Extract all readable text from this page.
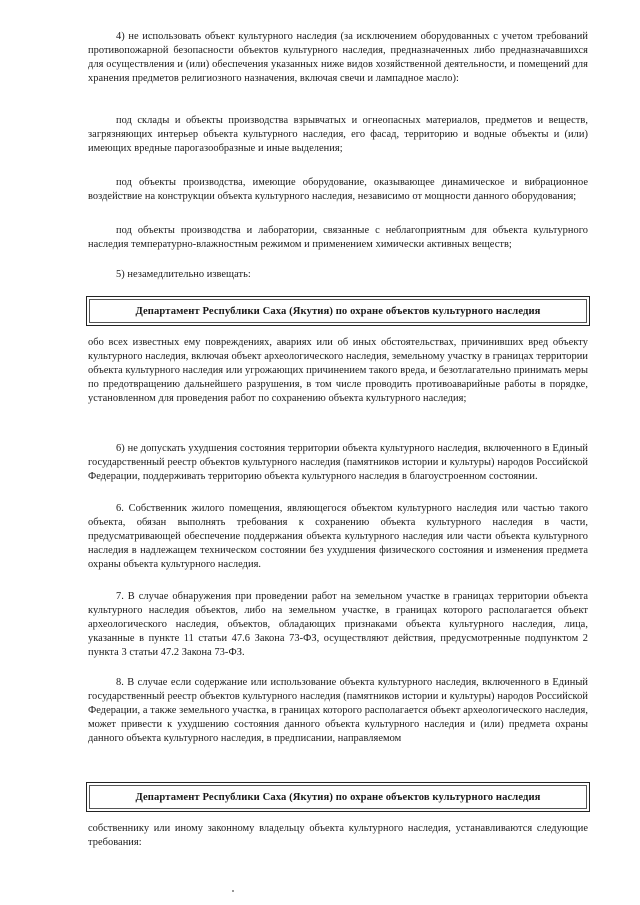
4) не использовать объект культурного наследия (за исключением оборудованных с учетом требований противопожарной безопасности объектов культурного наследия, предназначенных либо предназначавшихся для осуществления и (или) обеспечения указанных ниже видов хозяйственной деятельности, и помещений для хранения предметов религиозного назначения, включая свечи и лампадное масло):

под склады и объекты производства взрывчатых и огнеопасных материалов, предметов и веществ, загрязняющих интерьер объекта культурного наследия, его фасад, территорию и водные объекты и (или) имеющих вредные парогазообразные и иные выделения;

под объекты производства, имеющие оборудование, оказывающее динамическое и вибрационное воздействие на конструкции объекта культурного наследия, независимо от мощности данного оборудования;

под объекты производства и лаборатории, связанные с неблагоприятным для объекта культурного наследия температурно-влажностным режимом и применением химически активных веществ;

5) незамедлительно извещать:

Департамент Республики Саха (Якутия) по охране объектов культурного наследия

обо всех известных ему повреждениях, авариях или об иных обстоятельствах, причинивших вред объекту культурного наследия, включая объект археологического наследия, земельному участку в границах территории объекта культурного наследия или угрожающих причинением такого вреда, и безотлагательно принимать меры по предотвращению дальнейшего разрушения, в том числе проводить противоаварийные работы в порядке, установленном для проведения работ по сохранению объекта культурного наследия;

6) не допускать ухудшения состояния территории объекта культурного наследия, включенного в Единый государственный реестр объектов культурного наследия (памятников истории и культуры) народов Российской Федерации, поддерживать территорию объекта культурного наследия в благоустроенном состоянии.

6. Собственник жилого помещения, являющегося объектом культурного наследия или частью такого объекта, обязан выполнять требования к сохранению объекта культурного наследия в части, предусматривающей обеспечение поддержания объекта культурного наследия или части объекта культурного наследия в надлежащем техническом состоянии без ухудшения физического состояния и изменения предмета охраны объекта культурного наследия.

7. В случае обнаружения при проведении работ на земельном участке в границах территории объекта культурного наследия объектов, либо на земельном участке, в границах которого располагается объект археологического наследия, объектов, обладающих признаками объекта культурного наследия, лица, указанные в пункте 11 статьи 47.6 Закона 73-ФЗ, осуществляют действия, предусмотренные подпунктом 2 пункта 3 статьи 47.2 Закона 73-ФЗ.

8. В случае если содержание или использование объекта культурного наследия, включенного в Единый государственный реестр объектов культурного наследия (памятников истории и культуры) народов Российской Федерации, а также земельного участка, в границах которого располагается объект археологического наследия, может привести к ухудшению состояния данного объекта культурного наследия и (или) предмета охраны данного объекта культурного наследия, в предписании, направляемом

Департамент Республики Саха (Якутия) по охране объектов культурного наследия

собственнику или иному законному владельцу объекта культурного наследия, устанавливаются следующие требования:
